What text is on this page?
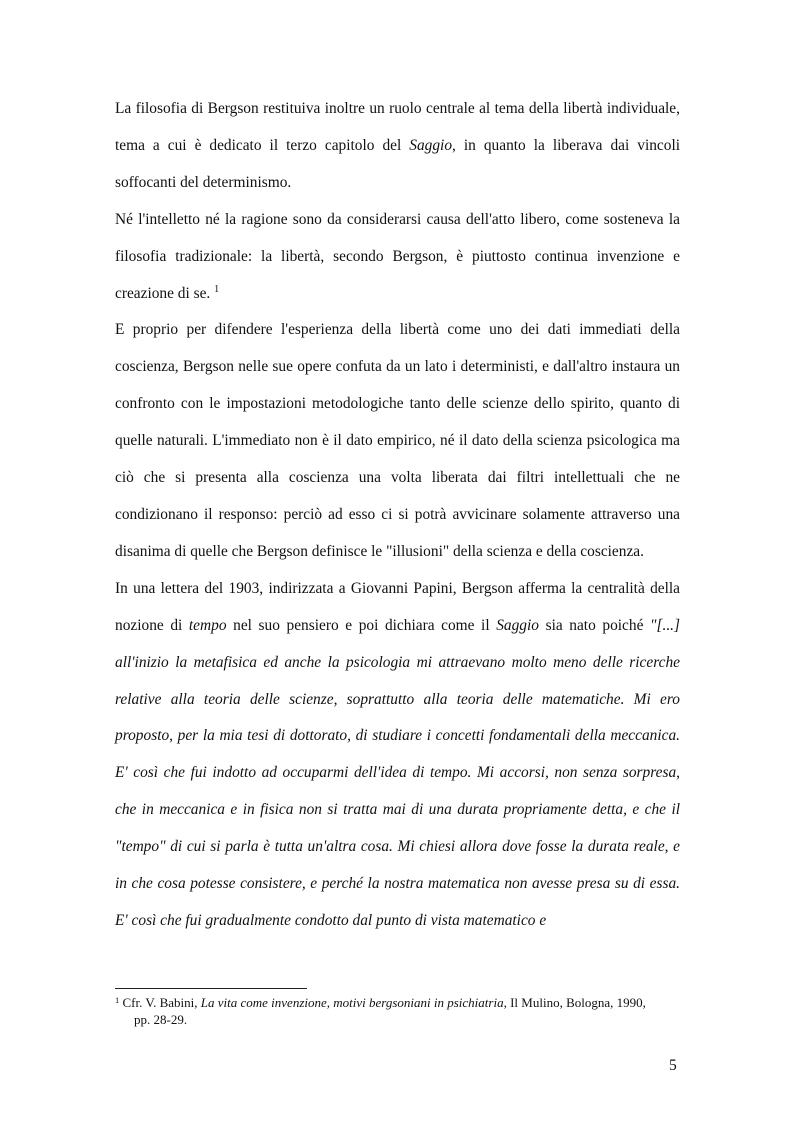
La filosofia di Bergson restituiva inoltre un ruolo centrale al tema della libertà individuale, tema a cui è dedicato il terzo capitolo del Saggio, in quanto la liberava dai vincoli soffocanti del determinismo.

Né l'intelletto né la ragione sono da considerarsi causa dell'atto libero, come sosteneva la filosofia tradizionale: la libertà, secondo Bergson, è piuttosto continua invenzione e creazione di se. $^1$

E proprio per difendere l'esperienza della libertà come uno dei dati immediati della coscienza, Bergson nelle sue opere confuta da un lato i deterministi, e dall'altro instaura un confronto con le impostazioni metodologiche tanto delle scienze dello spirito, quanto di quelle naturali. L'immediato non è il dato empirico, né il dato della scienza psicologica ma ciò che si presenta alla coscienza una volta liberata dai filtri intellettuali che ne condizionano il responso: perciò ad esso ci si potrà avvicinare solamente attraverso una disanima di quelle che Bergson definisce le "illusioni" della scienza e della coscienza.

In una lettera del 1903, indirizzata a Giovanni Papini, Bergson afferma la centralità della nozione di tempo nel suo pensiero e poi dichiara come il Saggio sia nato poiché "[...] all'inizio la metafisica ed anche la psicologia mi attraevano molto meno delle ricerche relative alla teoria delle scienze, soprattutto alla teoria delle matematiche. Mi ero proposto, per la mia tesi di dottorato, di studiare i concetti fondamentali della meccanica. E' così che fui indotto ad occuparmi dell'idea di tempo. Mi accorsi, non senza sorpresa, che in meccanica e in fisica non si tratta mai di una durata propriamente detta, e che il "tempo" di cui si parla è tutta un'altra cosa. Mi chiesi allora dove fosse la durata reale, e in che cosa potesse consistere, e perché la nostra matematica non avesse presa su di essa. E' così che fui gradualmente condotto dal punto di vista matematico e

$^1$ Cfr. V. Babini, La vita come invenzione, motivi bergsoniani in psichiatria, Il Mulino, Bologna, 1990,
pp. 28-29.
5
